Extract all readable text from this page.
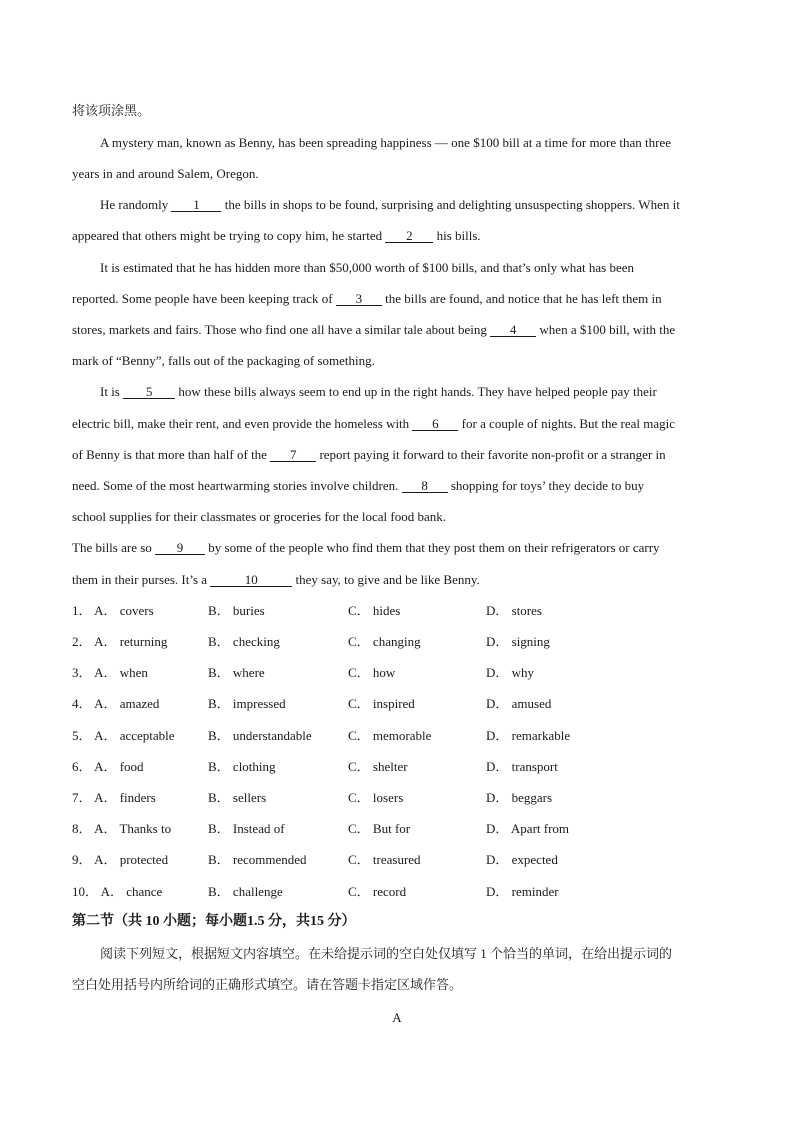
将该项涂黑。
A mystery man, known as Benny, has been spreading happiness — one $100 bill at a time for more than three
years in and around Salem, Oregon.
He randomly 1 the bills in shops to be found, surprising and delighting unsuspecting shoppers. When it
appeared that others might be trying to copy him, he started 2 his bills.
It is estimated that he has hidden more than $50,000 worth of $100 bills, and that’s only what has been
reported. Some people have been keeping track of 3 the bills are found, and notice that he has left them in
stores, markets and fairs. Those who find one all have a similar tale about being 4 when a $100 bill, with the
mark of “Benny”, falls out of the packaging of something.
It is 5 how these bills always seem to end up in the right hands. They have helped people pay their
electric bill, make their rent, and even provide the homeless with 6 for a couple of nights. But the real magic
of Benny is that more than half of the 7 report paying it forward to their favorite non-profit or a stranger in
need. Some of the most heartwarming stories involve children. 8 shopping for toys’ they decide to buy
school supplies for their classmates or groceries for the local food bank.
The bills are so 9 by some of the people who find them that they post them on their refrigerators or carry
them in their purses. It’s a	10	they say, to give and be like Benny.
1． A． covers	B． buries	C． hides	D． stores
2． A． returning	B． checking	C． changing	D． signing
3． A． when	B． where	C． how	D． why
4． A． amazed	B． impressed	C． inspired	D． amused
5． A． acceptable	B． understandable	C． memorable	D． remarkable
6． A． food	B． clothing	C． shelter	D． transport
7． A． finders	B． sellers	C． losers	D． beggars
8． A． Thanks to	B． Instead of	C． But for	D． Apart from
9． A． protected	B． recommended	C． treasured	D． expected
10． A． chance	B． challenge	C． record	D． reminder
第二节（共 10 小题；每小题1.5 分，共15 分）
阅读下列短文，根据短文内容填空。在未给提示词的空白处仅填写 1 个恰当的单词，在给出提示词的
空白处用括号内所给词的正确形式填空。请在答题卡指定区域作答。
A
